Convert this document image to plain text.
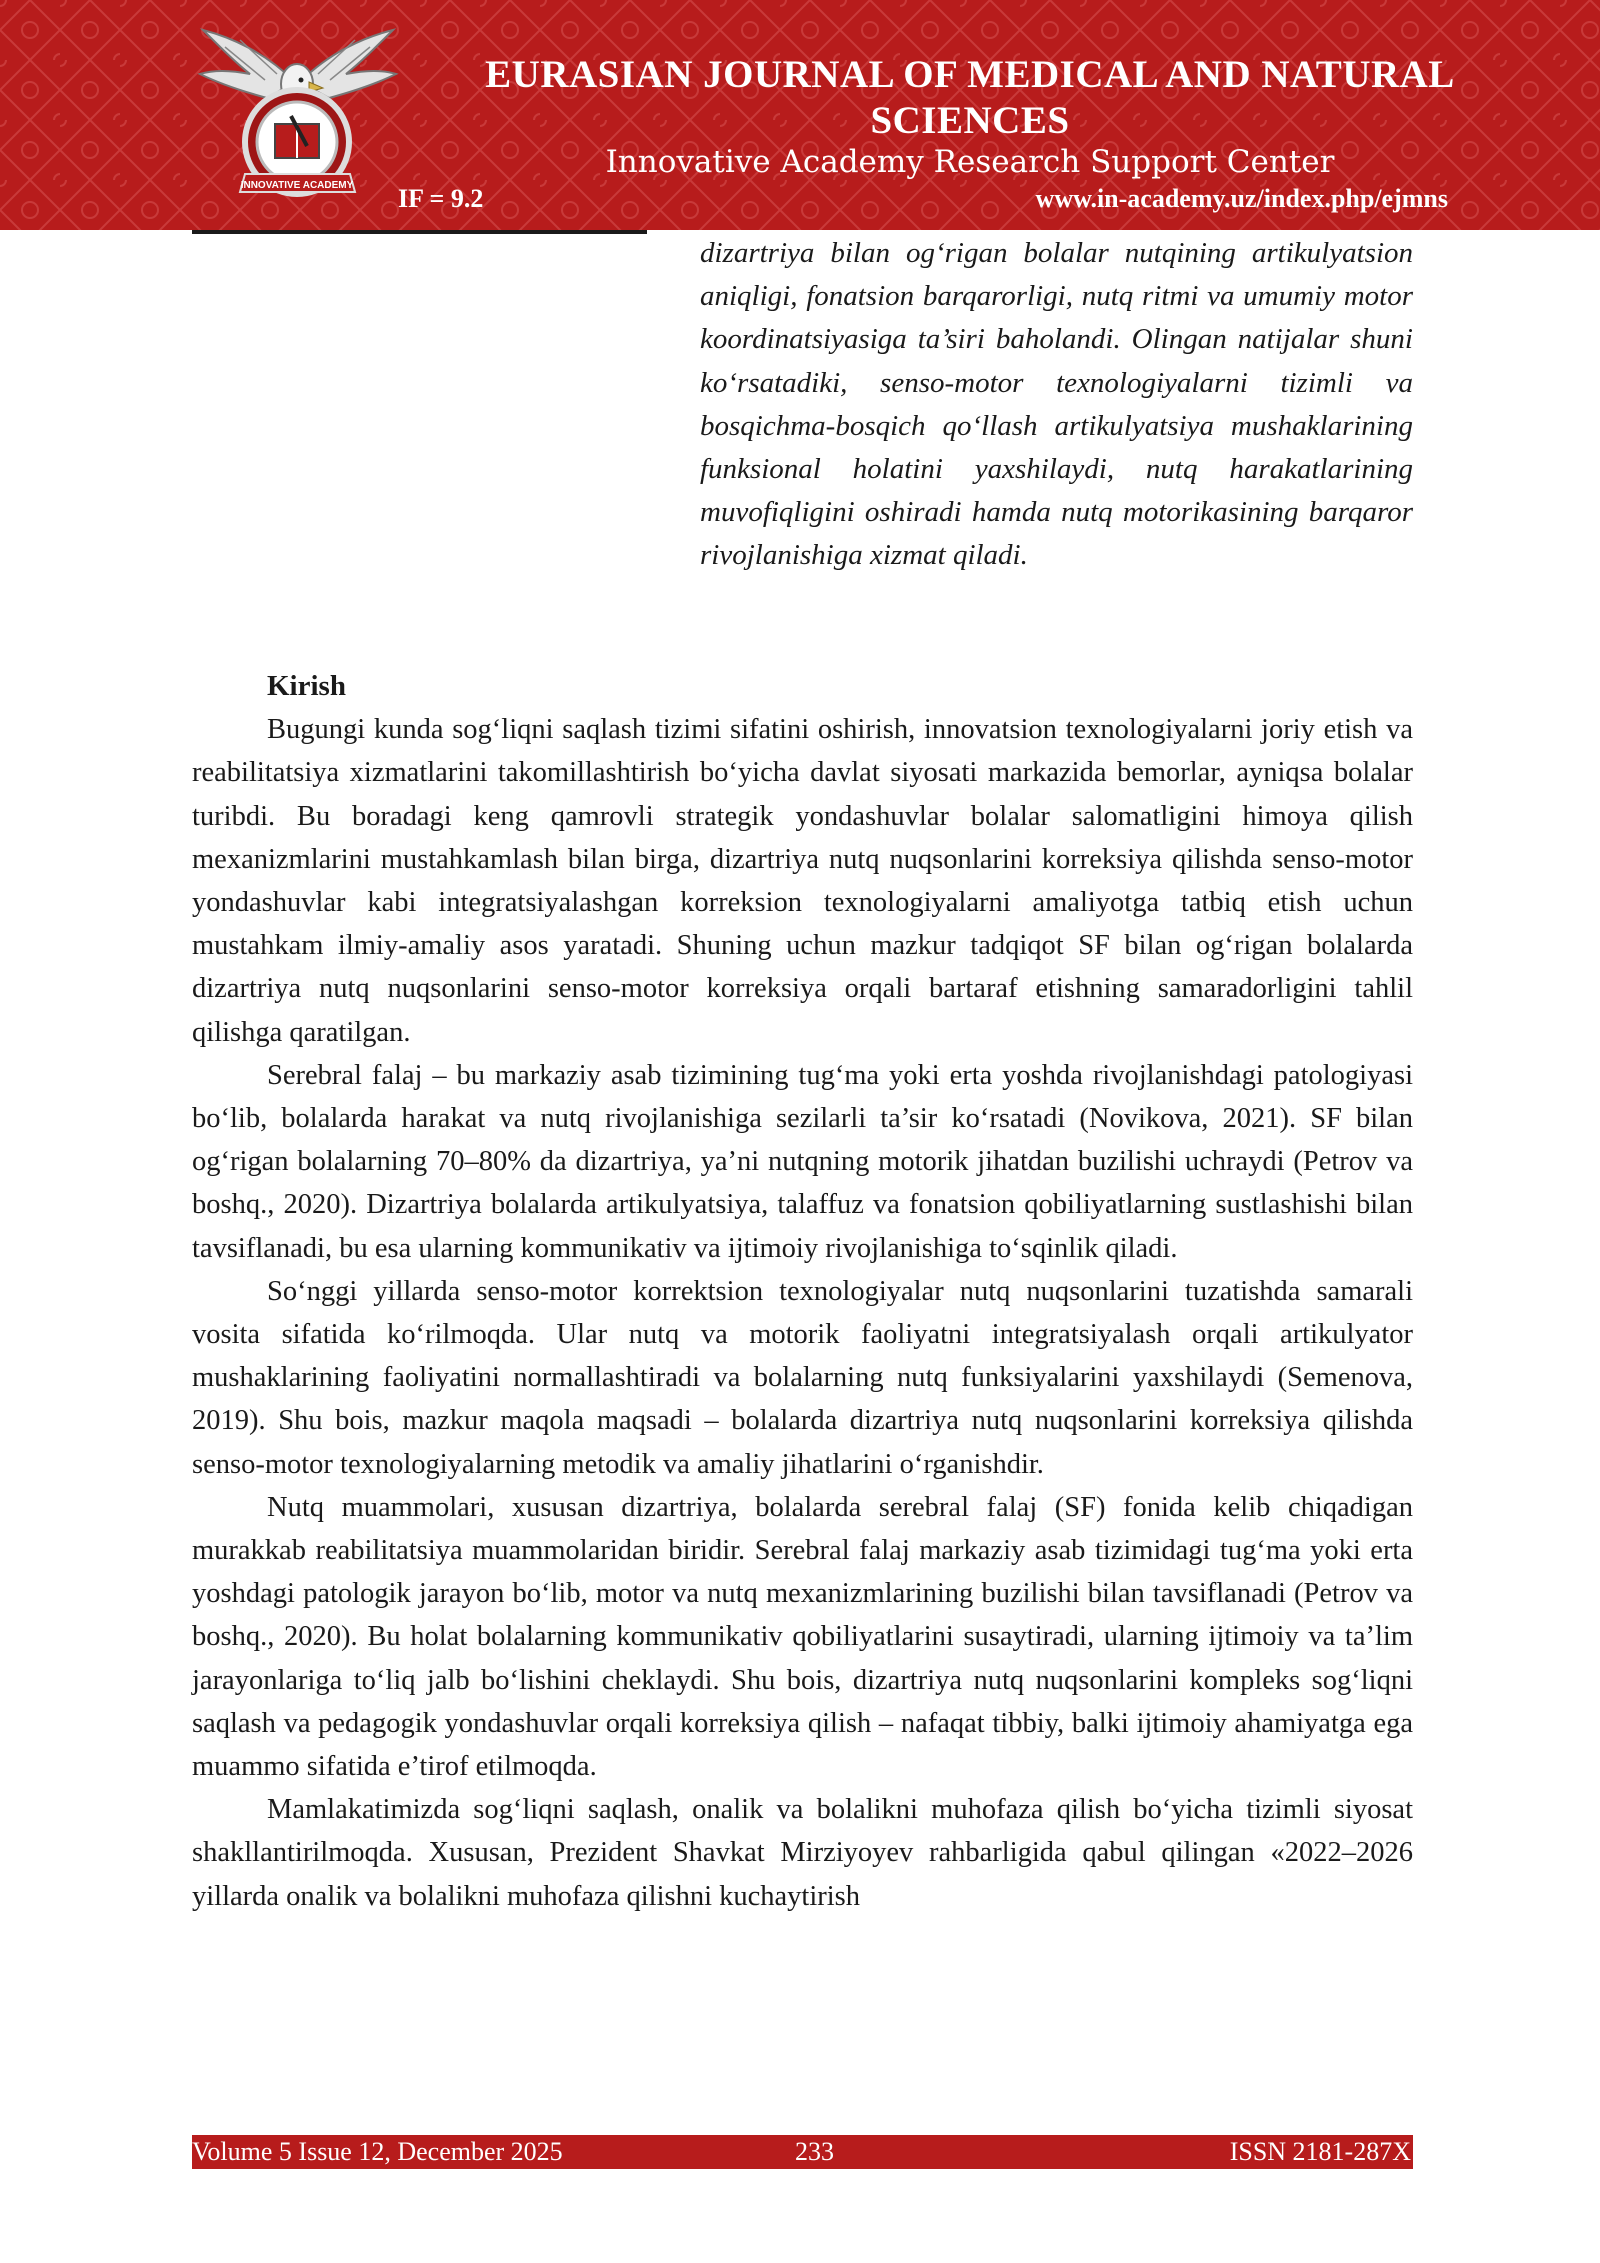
INNOVATIVE ACADEMY
EURASIAN JOURNAL OF MEDICAL AND NATURAL SCIENCES
Innovative Academy Research Support Center
IF = 9.2	www.in-academy.uz/index.php/ejmns
dizartriya bilan og‘rigan bolalar nutqining artikulyatsion aniqligi, fonatsion barqarorligi, nutq ritmi va umumiy motor koordinatsiyasiga ta’siri baholandi. Olingan natijalar shuni ko‘rsatadiki, senso-motor texnologiyalarni tizimli va bosqichma-bosqich qo‘llash artikulyatsiya mushaklarining funksional holatini yaxshilaydi, nutq harakatlarining muvofiqligini oshiradi hamda nutq motorikasining barqaror rivojlanishiga xizmat qiladi.
Kirish

Bugungi kunda sog‘liqni saqlash tizimi sifatini oshirish, innovatsion texnologiyalarni joriy etish va reabilitatsiya xizmatlarini takomillashtirish bo‘yicha davlat siyosati markazida bemorlar, ayniqsa bolalar turibdi. Bu boradagi keng qamrovli strategik yondashuvlar bolalar salomatligini himoya qilish mexanizmlarini mustahkamlash bilan birga, dizartriya nutq nuqsonlarini korreksiya qilishda senso-motor yondashuvlar kabi integratsiyalashgan korreksion texnologiyalarni amaliyotga tatbiq etish uchun mustahkam ilmiy-amaliy asos yaratadi. Shuning uchun mazkur tadqiqot SF bilan og‘rigan bolalarda dizartriya nutq nuqsonlarini senso-motor korreksiya orqali bartaraf etishning samaradorligini tahlil qilishga qaratilgan.

Serebral falaj – bu markaziy asab tizimining tug‘ma yoki erta yoshda rivojlanishdagi patologiyasi bo‘lib, bolalarda harakat va nutq rivojlanishiga sezilarli ta’sir ko‘rsatadi (Novikova, 2021). SF bilan og‘rigan bolalarning 70–80% da dizartriya, ya’ni nutqning motorik jihatdan buzilishi uchraydi (Petrov va boshq., 2020). Dizartriya bolalarda artikulyatsiya, talaffuz va fonatsion qobiliyatlarning sustlashishi bilan tavsiflanadi, bu esa ularning kommunikativ va ijtimoiy rivojlanishiga to‘sqinlik qiladi.

So‘nggi yillarda senso-motor korrektsion texnologiyalar nutq nuqsonlarini tuzatishda samarali vosita sifatida ko‘rilmoqda. Ular nutq va motorik faoliyatni integratsiyalash orqali artikulyator mushaklarining faoliyatini normallashtiradi va bolalarning nutq funksiyalarini yaxshilaydi (Semenova, 2019). Shu bois, mazkur maqola maqsadi – bolalarda dizartriya nutq nuqsonlarini korreksiya qilishda senso-motor texnologiyalarning metodik va amaliy jihatlarini o‘rganishdir.

Nutq muammolari, xususan dizartriya, bolalarda serebral falaj (SF) fonida kelib chiqadigan murakkab reabilitatsiya muammolaridan biridir. Serebral falaj markaziy asab tizimidagi tug‘ma yoki erta yoshdagi patologik jarayon bo‘lib, motor va nutq mexanizmlarining buzilishi bilan tavsiflanadi (Petrov va boshq., 2020). Bu holat bolalarning kommunikativ qobiliyatlarini susaytiradi, ularning ijtimoiy va ta’lim jarayonlariga to‘liq jalb bo‘lishini cheklaydi. Shu bois, dizartriya nutq nuqsonlarini kompleks sog‘liqni saqlash va pedagogik yondashuvlar orqali korreksiya qilish – nafaqat tibbiy, balki ijtimoiy ahamiyatga ega muammo sifatida e’tirof etilmoqda.

Mamlakatimizda sog‘liqni saqlash, onalik va bolalikni muhofaza qilish bo‘yicha tizimli siyosat shakllantirilmoqda. Xususan, Prezident Shavkat Mirziyoyev rahbarligida qabul qilingan «2022–2026 yillarda onalik va bolalikni muhofaza qilishni kuchaytirish

Volume 5 Issue 12, December 2025	233	ISSN 2181-287X
